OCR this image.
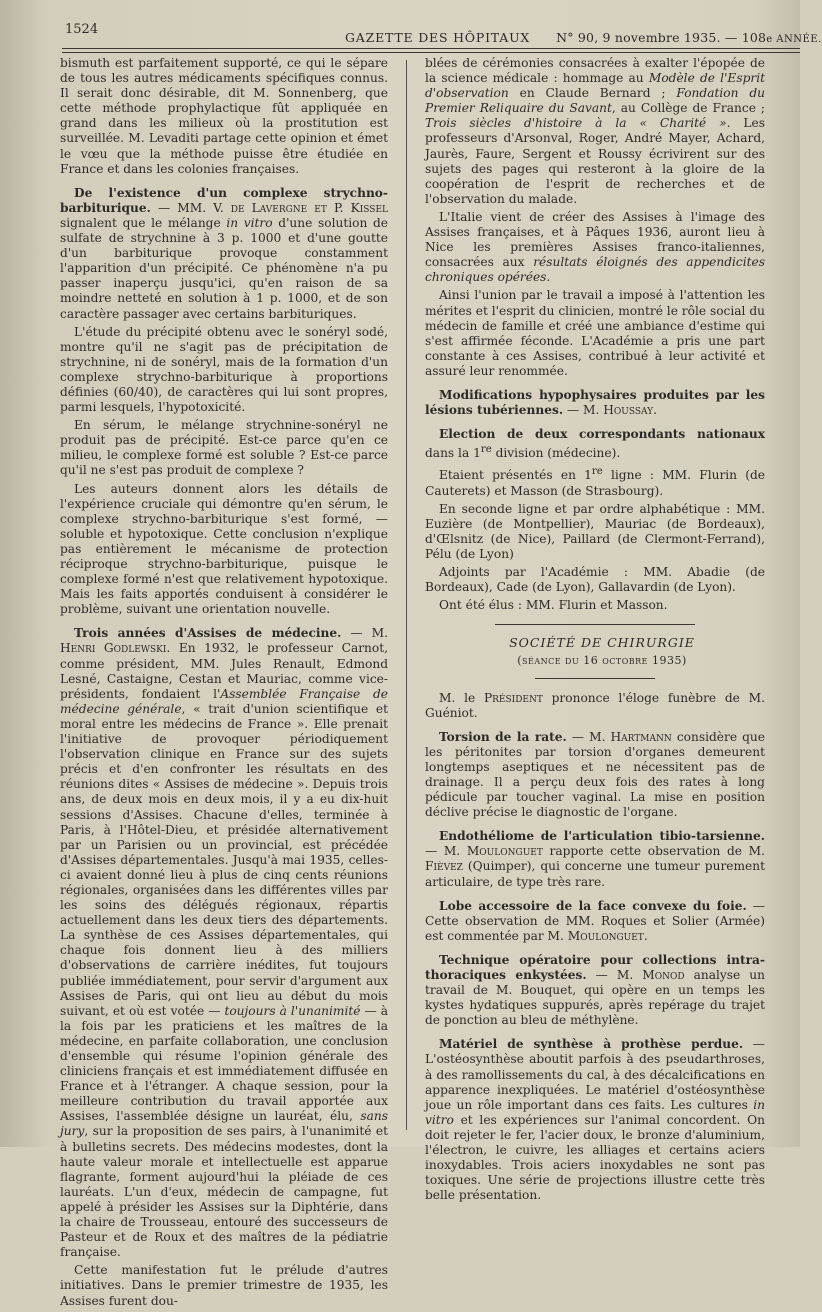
1524
GAZETTE DES HÔPITAUX N° 90, 9 novembre 1935. — 108e ANNÉE.

bismuth est parfaitement supporté, ce qui le sépare de tous les autres médicaments spécifiques connus. Il serait donc désirable, dit M. Sonnenberg, que cette méthode prophylactique fût appliquée en grand dans les milieux où la prostitution est surveillée. M. Levaditi partage cette opinion et émet le vœu que la méthode puisse être étudiée en France et dans les colonies françaises.

De l'existence d'un complexe strychno-barbiturique. — MM. V. de Lavergne et P. Kissel signalent que le mélange in vitro d'une solution de sulfate de strychnine à 3 p. 1000 et d'une goutte d'un barbiturique provoque constamment l'apparition d'un précipité. Ce phénomène n'a pu passer inaperçu jusqu'ici, qu'en raison de sa moindre netteté en solution à 1 p. 1000, et de son caractère passager avec certains barbituriques.

L'étude du précipité obtenu avec le sonéryl sodé, montre qu'il ne s'agit pas de précipitation de strychnine, ni de sonéryl, mais de la formation d'un complexe strychno-barbiturique à proportions définies (60/40), de caractères qui lui sont propres, parmi lesquels, l'hypotoxicité.

En sérum, le mélange strychnine-sonéryl ne produit pas de précipité. Est-ce parce qu'en ce milieu, le complexe formé est soluble ? Est-ce parce qu'il ne s'est pas produit de complexe ?

Les auteurs donnent alors les détails de l'expérience cruciale qui démontre qu'en sérum, le complexe strychno-barbiturique s'est formé, — soluble et hypotoxique. Cette conclusion n'explique pas entièrement le mécanisme de protection réciproque strychno-barbiturique, puisque le complexe formé n'est que relativement hypotoxique. Mais les faits apportés conduisent à considérer le problème, suivant une orientation nouvelle.

Trois années d'Assises de médecine. — M. Henri Godlewski. En 1932, le professeur Carnot, comme président, MM. Jules Renault, Edmond Lesné, Castaigne, Cestan et Mauriac, comme vice-présidents, fondaient l'Assemblée Française de médecine générale, « trait d'union scientifique et moral entre les médecins de France ». Elle prenait l'initiative de provoquer périodiquement l'observation clinique en France sur des sujets précis et d'en confronter les résultats en des réunions dites « Assises de médecine ». Depuis trois ans, de deux mois en deux mois, il y a eu dix-huit sessions d'Assises. Chacune d'elles, terminée à Paris, à l'Hôtel-Dieu, et présidée alternativement par un Parisien ou un provincial, est précédée d'Assises départementales. Jusqu'à mai 1935, celles-ci avaient donné lieu à plus de cinq cents réunions régionales, organisées dans les différentes villes par les soins des délégués régionaux, répartis actuellement dans les deux tiers des départements. La synthèse de ces Assises départementales, qui chaque fois donnent lieu à des milliers d'observations de carrière inédites, fut toujours publiée immédiatement, pour servir d'argument aux Assises de Paris, qui ont lieu au début du mois suivant, et où est votée — toujours à l'unanimité — à la fois par les praticiens et les maîtres de la médecine, en parfaite collaboration, une conclusion d'ensemble qui résume l'opinion générale des cliniciens français et est immédiatement diffusée en France et à l'étranger. A chaque session, pour la meilleure contribution du travail apportée aux Assises, l'assemblée désigne un lauréat, élu, sans jury, sur la proposition de ses pairs, à l'unanimité et à bulletins secrets. Des médecins modestes, dont la haute valeur morale et intellectuelle est apparue flagrante, forment aujourd'hui la pléiade de ces lauréats. L'un d'eux, médecin de campagne, fut appelé à présider les Assises sur la Diphtérie, dans la chaire de Trousseau, entouré des successeurs de Pasteur et de Roux et des maîtres de la pédiatrie française.

Cette manifestation fut le prélude d'autres initiatives. Dans le premier trimestre de 1935, les Assises furent dou-

blées de cérémonies consacrées à exalter l'épopée de la science médicale : hommage au Modèle de l'Esprit d'observation en Claude Bernard ; Fondation du Premier Reliquaire du Savant, au Collège de France ; Trois siècles d'histoire à la « Charité ». Les professeurs d'Arsonval, Roger, André Mayer, Achard, Jaurès, Faure, Sergent et Roussy écrivirent sur des sujets des pages qui resteront à la gloire de la coopération de l'esprit de recherches et de l'observation du malade.

L'Italie vient de créer des Assises à l'image des Assises françaises, et à Pâques 1936, auront lieu à Nice les premières Assises franco-italiennes, consacrées aux résultats éloignés des appendicites chroniques opérées.

Ainsi l'union par le travail a imposé à l'attention les mérites et l'esprit du clinicien, montré le rôle social du médecin de famille et créé une ambiance d'estime qui s'est affirmée féconde. L'Académie a pris une part constante à ces Assises, contribué à leur activité et assuré leur renommée.

Modifications hypophysaires produites par les lésions tubériennes. — M. Houssay.

Election de deux correspondants nationaux dans la 1re division (médecine).

Etaient présentés en 1re ligne : MM. Flurin (de Cauterets) et Masson (de Strasbourg).

En seconde ligne et par ordre alphabétique : MM. Euzière (de Montpellier), Mauriac (de Bordeaux), d'Œlsnitz (de Nice), Paillard (de Clermont-Ferrand), Pélu (de Lyon)

Adjoints par l'Académie : MM. Abadie (de Bordeaux), Cade (de Lyon), Gallavardin (de Lyon).

Ont été élus : MM. Flurin et Masson.

SOCIÉTÉ DE CHIRURGIE

(séance du 16 octobre 1935)

M. le Président prononce l'éloge funèbre de M. Guéniot.

Torsion de la rate. — M. Hartmann considère que les péritonites par torsion d'organes demeurent longtemps aseptiques et ne nécessitent pas de drainage. Il a perçu deux fois des rates à long pédicule par toucher vaginal. La mise en position déclive précise le diagnostic de l'organe.

Endothéliome de l'articulation tibio-tarsienne. — M. Moulonguet rapporte cette observation de M. Fièvez (Quimper), qui concerne une tumeur purement articulaire, de type très rare.

Lobe accessoire de la face convexe du foie. — Cette observation de MM. Roques et Solier (Armée) est commentée par M. Moulonguet.

Technique opératoire pour collections intra-thoraciques enkystées. — M. Monod analyse un travail de M. Bouquet, qui opère en un temps les kystes hydatiques suppurés, après repérage du trajet de ponction au bleu de méthylène.

Matériel de synthèse à prothèse perdue. — L'ostéosynthèse aboutit parfois à des pseudarthroses, à des ramollissements du cal, à des décalcifications en apparence inexpliquées. Le matériel d'ostéosynthèse joue un rôle important dans ces faits. Les cultures in vitro et les expériences sur l'animal concordent. On doit rejeter le fer, l'acier doux, le bronze d'aluminium, l'électron, le cuivre, les alliages et certains aciers inoxydables. Trois aciers inoxydables ne sont pas toxiques. Une série de projections illustre cette très belle présentation.
